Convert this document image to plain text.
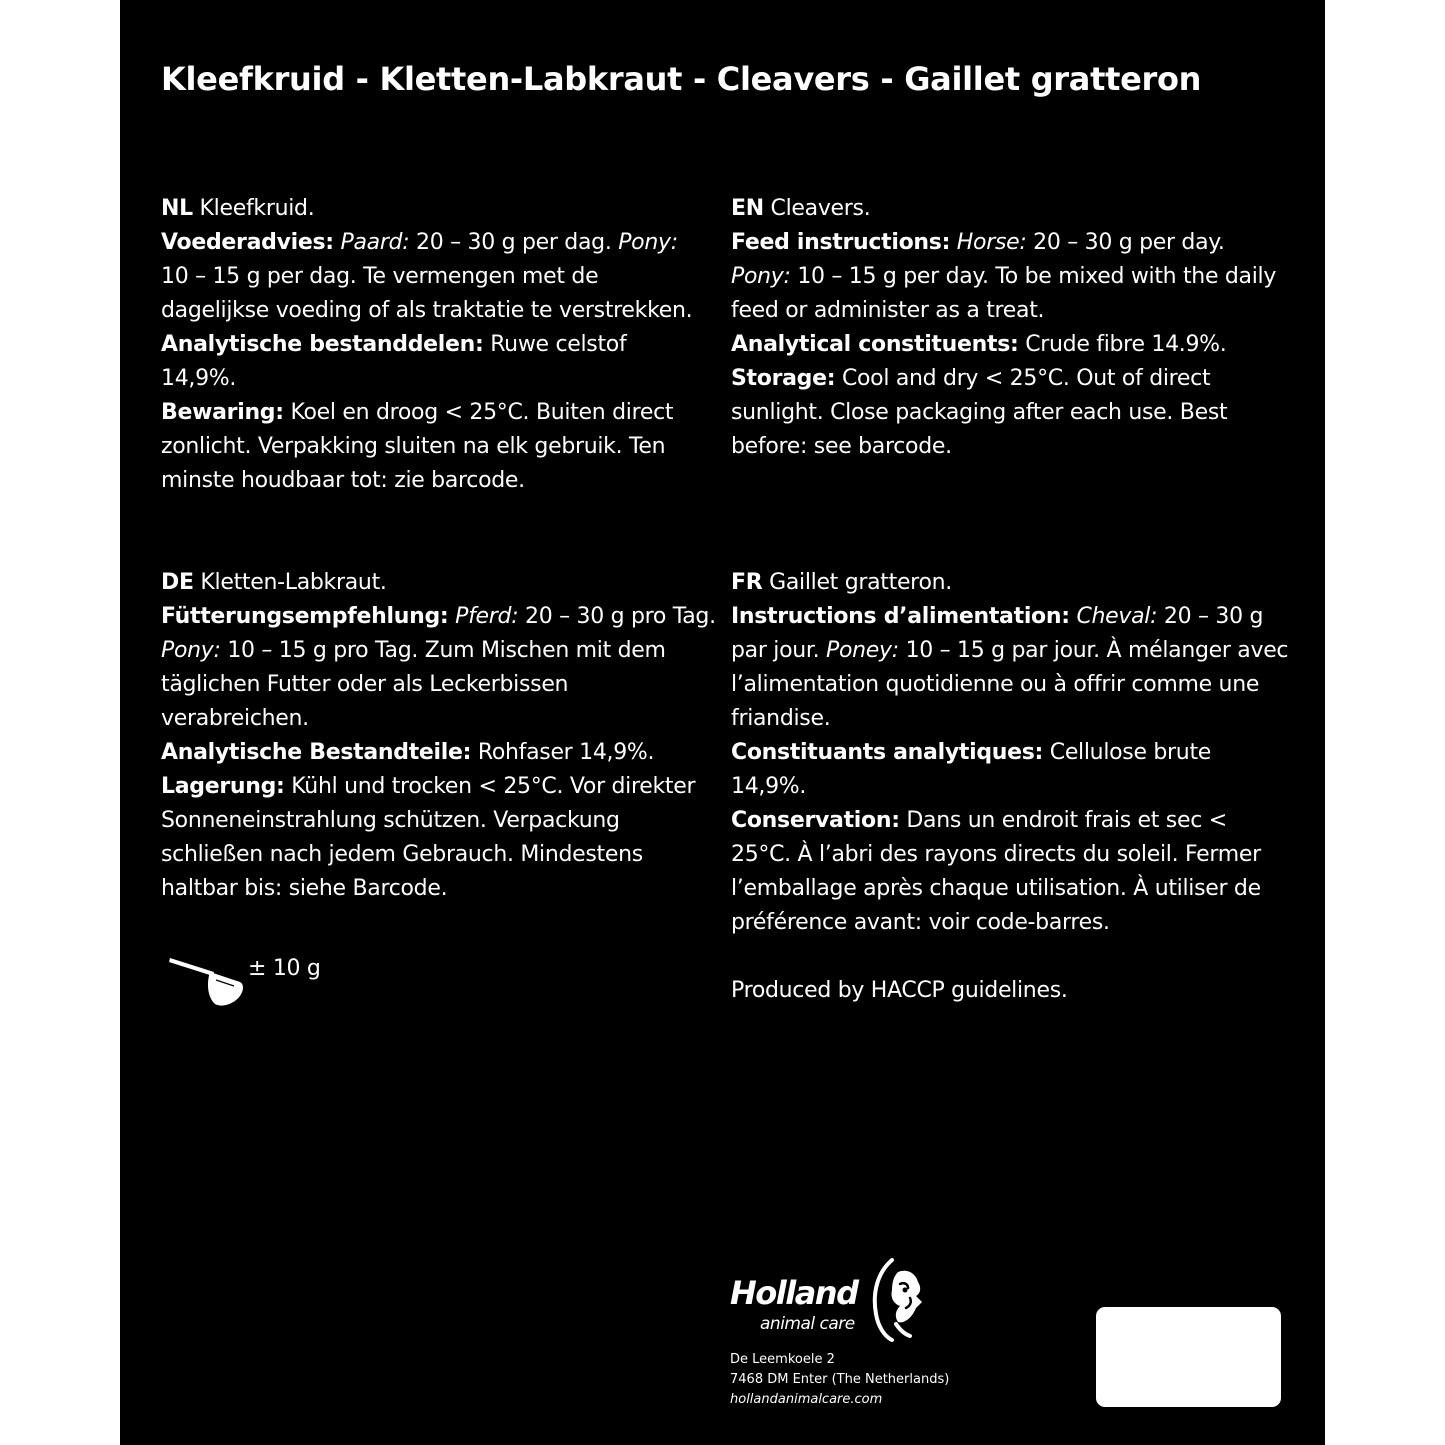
Kleefkruid - Kletten-Labkraut - Cleavers - Gaillet gratteron

NL Kleefkruid.

Voederadvies: Paard: 20 – 30 g per dag. Pony: 10 – 15 g per dag. Te vermengen met de dagelijkse voeding of als traktatie te verstrekken.

Analytische bestanddelen: Ruwe celstof 14,9%.

Bewaring: Koel en droog < 25°C. Buiten direct zonlicht. Verpakking sluiten na elk gebruik. Ten minste houdbaar tot: zie barcode.

EN Cleavers.

Feed instructions: Horse: 20 – 30 g per day. Pony: 10 – 15 g per day. To be mixed with the daily feed or administer as a treat.

Analytical constituents: Crude fibre 14.9%.

Storage: Cool and dry < 25°C. Out of direct sunlight. Close packaging after each use. Best before: see barcode.

DE Kletten-Labkraut.

Fütterungsempfehlung: Pferd: 20 – 30 g pro Tag. Pony: 10 – 15 g pro Tag. Zum Mischen mit dem täglichen Futter oder als Leckerbissen verabreichen.

Analytische Bestandteile: Rohfaser 14,9%.

Lagerung: Kühl und trocken < 25°C. Vor direkter Sonneneinstrahlung schützen. Verpackung schließen nach jedem Gebrauch. Mindestens haltbar bis: siehe Barcode.

FR Gaillet gratteron.

Instructions d’alimentation: Cheval: 20 – 30 g par jour. Poney: 10 – 15 g par jour. À mélanger avec l’alimentation quotidienne ou à offrir comme une friandise.

Constituants analytiques: Cellulose brute 14,9%.

Conservation: Dans un endroit frais et sec < 25°C. À l’abri des rayons directs du soleil. Fermer l’emballage après chaque utilisation. À utiliser de préférence avant: voir code-barres.

Produced by HACCP guidelines.

± 10 g

Holland

animal care

De Leemkoele 2

7468 DM Enter (The Netherlands)

hollandanimalcare.com
